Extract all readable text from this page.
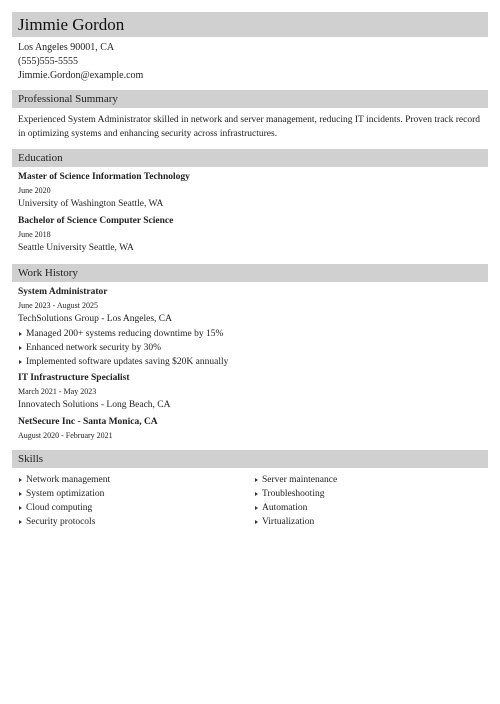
Jimmie Gordon
Los Angeles 90001, CA
(555)555-5555
Jimmie.Gordon@example.com
Professional Summary
Experienced System Administrator skilled in network and server management, reducing IT incidents. Proven track record in optimizing systems and enhancing security across infrastructures.
Education
Master of Science Information Technology
June 2020
University of Washington Seattle, WA
Bachelor of Science Computer Science
June 2018
Seattle University Seattle, WA
Work History
System Administrator
June 2023 - August 2025
TechSolutions Group - Los Angeles, CA
Managed 200+ systems reducing downtime by 15%
Enhanced network security by 30%
Implemented software updates saving $20K annually
IT Infrastructure Specialist
March 2021 - May 2023
Innovatech Solutions - Long Beach, CA
NetSecure Inc - Santa Monica, CA
August 2020 - February 2021
Skills
Network management
System optimization
Cloud computing
Security protocols
Server maintenance
Troubleshooting
Automation
Virtualization
